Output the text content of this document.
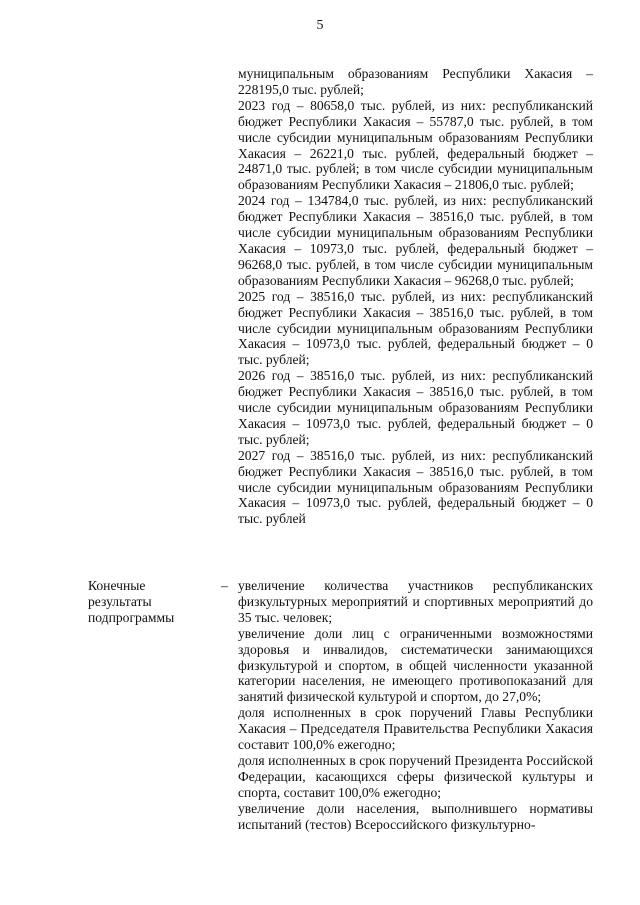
5

муниципальным образованиям Республики Хакасия – 228195,0 тыс. рублей;

2023 год – 80658,0 тыс. рублей, из них: республиканский бюджет Республики Хакасия – 55787,0 тыс. рублей, в том числе субсидии муниципальным образованиям Республики Хакасия – 26221,0 тыс. рублей, федеральный бюджет – 24871,0 тыс. рублей; в том числе субсидии муниципальным образованиям Республики Хакасия – 21806,0 тыс. рублей;

2024 год – 134784,0 тыс. рублей, из них: республиканский бюджет Республики Хакасия – 38516,0 тыс. рублей, в том числе субсидии муниципальным образованиям Республики Хакасия – 10973,0 тыс. рублей, федеральный бюджет – 96268,0 тыс. рублей, в том числе субсидии муниципальным образованиям Республики Хакасия – 96268,0 тыс. рублей;

2025 год – 38516,0 тыс. рублей, из них: республиканский бюджет Республики Хакасия – 38516,0 тыс. рублей, в том числе субсидии муниципальным образованиям Республики Хакасия – 10973,0 тыс. рублей, федеральный бюджет – 0 тыс. рублей;

2026 год – 38516,0 тыс. рублей, из них: республиканский бюджет Республики Хакасия – 38516,0 тыс. рублей, в том числе субсидии муниципальным образованиям Республики Хакасия – 10973,0 тыс. рублей, федеральный бюджет – 0 тыс. рублей;

2027 год – 38516,0 тыс. рублей, из них: республиканский бюджет Республики Хакасия – 38516,0 тыс. рублей, в том числе субсидии муниципальным образованиям Республики Хакасия – 10973,0 тыс. рублей, федеральный бюджет – 0 тыс. рублей

Конечные результаты подпрограммы
– увеличение количества участников республиканских физкультурных мероприятий и спортивных мероприятий до 35 тыс. человек;

увеличение доли лиц с ограниченными возможностями здоровья и инвалидов, систематически занимающихся физкультурой и спортом, в общей численности указанной категории населения, не имеющего противопоказаний для занятий физической культурой и спортом, до 27,0%;

доля исполненных в срок поручений Главы Республики Хакасия – Председателя Правительства Республики Хакасия составит 100,0% ежегодно;

доля исполненных в срок поручений Президента Российской Федерации, касающихся сферы физической культуры и спорта, составит 100,0% ежегодно;

увеличение доли населения, выполнившего нормативы испытаний (тестов) Всероссийского физкультурно-
